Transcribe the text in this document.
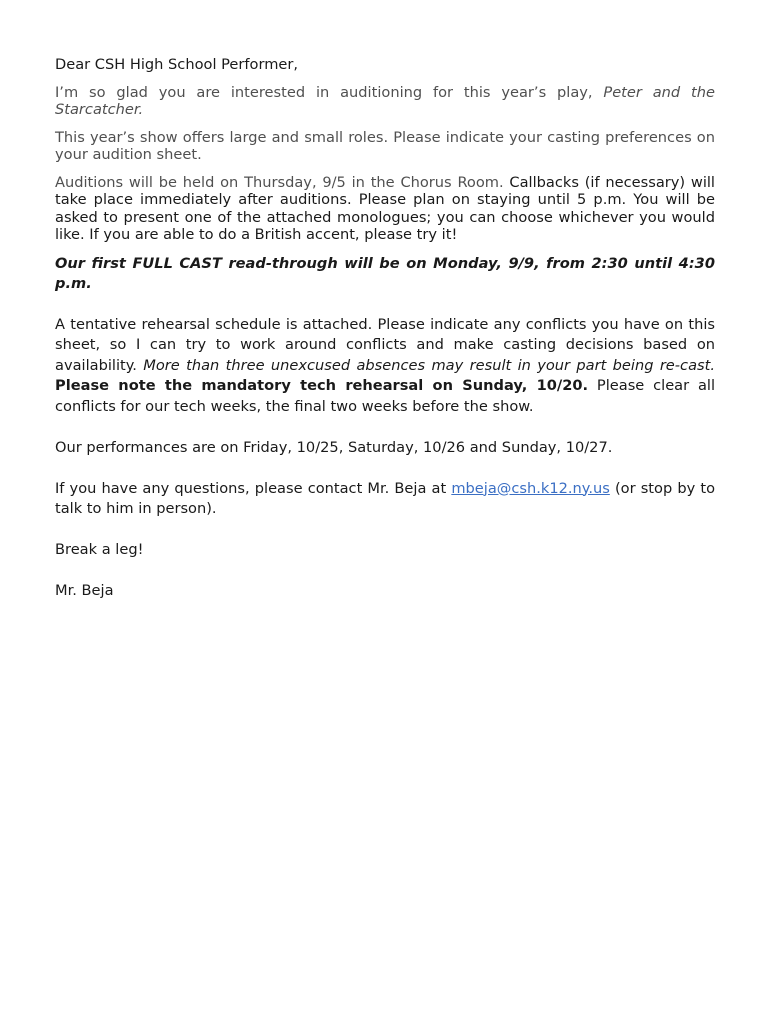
Dear CSH High School Performer,

I’m so glad you are interested in auditioning for this year’s play, Peter and the Starcatcher.

This year’s show offers large and small roles. Please indicate your casting preferences on your audition sheet.

Auditions will be held on Thursday, 9/5 in the Chorus Room. Callbacks (if necessary) will take place immediately after auditions. Please plan on staying until 5 p.m. You will be asked to present one of the attached monologues; you can choose whichever you would like. If you are able to do a British accent, please try it!

Our first FULL CAST read-through will be on Monday, 9/9, from 2:30 until 4:30 p.m.

A tentative rehearsal schedule is attached. Please indicate any conflicts you have on this sheet, so I can try to work around conflicts and make casting decisions based on availability. More than three unexcused absences may result in your part being re-cast. Please note the mandatory tech rehearsal on Sunday, 10/20. Please clear all conflicts for our tech weeks, the final two weeks before the show.

Our performances are on Friday, 10/25, Saturday, 10/26 and Sunday, 10/27.

If you have any questions, please contact Mr. Beja at mbeja@csh.k12.ny.us (or stop by to talk to him in person).

Break a leg!

Mr. Beja
